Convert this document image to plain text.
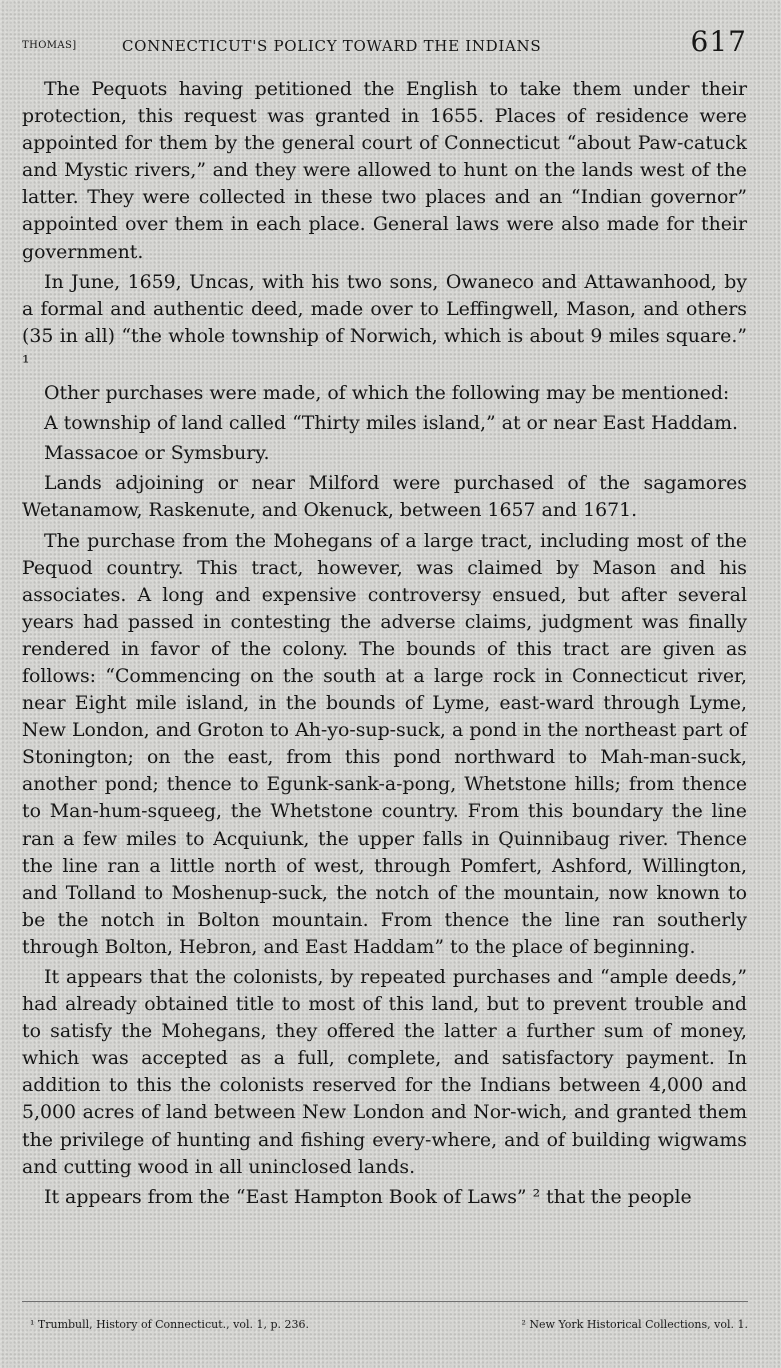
THOMAS]	CONNECTICUT'S POLICY TOWARD THE INDIANS	617

The Pequots having petitioned the English to take them under their protection, this request was granted in 1655. Places of residence were appointed for them by the general court of Connecticut “about Paw-catuck and Mystic rivers,” and they were allowed to hunt on the lands west of the latter. They were collected in these two places and an “Indian governor” appointed over them in each place. General laws were also made for their government.

In June, 1659, Uncas, with his two sons, Owaneco and Attawanhood, by a formal and authentic deed, made over to Leffingwell, Mason, and others (35 in all) “the whole township of Norwich, which is about 9 miles square.” ¹

Other purchases were made, of which the following may be mentioned:

A township of land called “Thirty miles island,” at or near East Haddam.

Massacoe or Symsbury.

Lands adjoining or near Milford were purchased of the sagamores Wetanamow, Raskenute, and Okenuck, between 1657 and 1671.

The purchase from the Mohegans of a large tract, including most of the Pequod country. This tract, however, was claimed by Mason and his associates. A long and expensive controversy ensued, but after several years had passed in contesting the adverse claims, judgment was finally rendered in favor of the colony. The bounds of this tract are given as follows: “Commencing on the south at a large rock in Connecticut river, near Eight mile island, in the bounds of Lyme, east-ward through Lyme, New London, and Groton to Ah-yo-sup-suck, a pond in the northeast part of Stonington; on the east, from this pond northward to Mah-man-suck, another pond; thence to Egunk-sank-a-pong, Whetstone hills; from thence to Man-hum-squeeg, the Whetstone country. From this boundary the line ran a few miles to Acquiunk, the upper falls in Quinnibaug river. Thence the line ran a little north of west, through Pomfert, Ashford, Willington, and Tolland to Moshenup-suck, the notch of the mountain, now known to be the notch in Bolton mountain. From thence the line ran southerly through Bolton, Hebron, and East Haddam” to the place of beginning.

It appears that the colonists, by repeated purchases and “ample deeds,” had already obtained title to most of this land, but to prevent trouble and to satisfy the Mohegans, they offered the latter a further sum of money, which was accepted as a full, complete, and satisfactory payment. In addition to this the colonists reserved for the Indians between 4,000 and 5,000 acres of land between New London and Nor-wich, and granted them the privilege of hunting and fishing every-where, and of building wigwams and cutting wood in all uninclosed lands.

It appears from the “East Hampton Book of Laws” ² that the people

¹ Trumbull, History of Connecticut., vol. 1, p. 236.	² New York Historical Collections, vol. 1.
